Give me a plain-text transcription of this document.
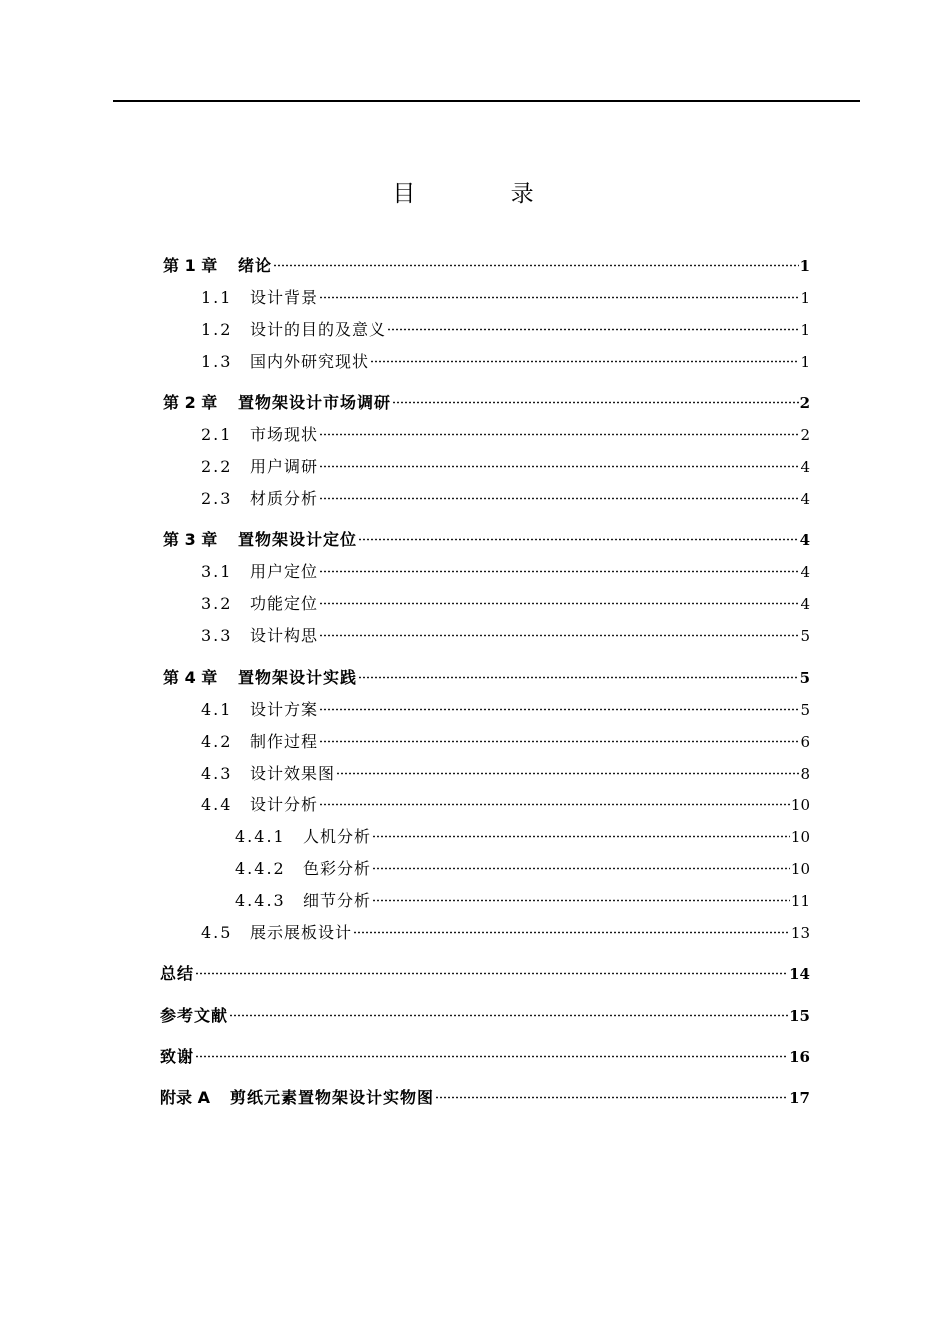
目 录
第 1 章 绪论	1
1.1 设计背景	1
1.2 设计的目的及意义	1
1.3 国内外研究现状	1
第 2 章 置物架设计市场调研	2
2.1 市场现状	2
2.2 用户调研	4
2.3 材质分析	4
第 3 章 置物架设计定位	4
3.1 用户定位	4
3.2 功能定位	4
3.3 设计构思	5
第 4 章 置物架设计实践	5
4.1 设计方案	5
4.2 制作过程	6
4.3 设计效果图	8
4.4 设计分析	10
4.4.1 人机分析	10
4.4.2 色彩分析	10
4.4.3 细节分析	11
4.5 展示展板设计	13
总结	14
参考文献	15
致谢	16
附录 A 剪纸元素置物架设计实物图	17
